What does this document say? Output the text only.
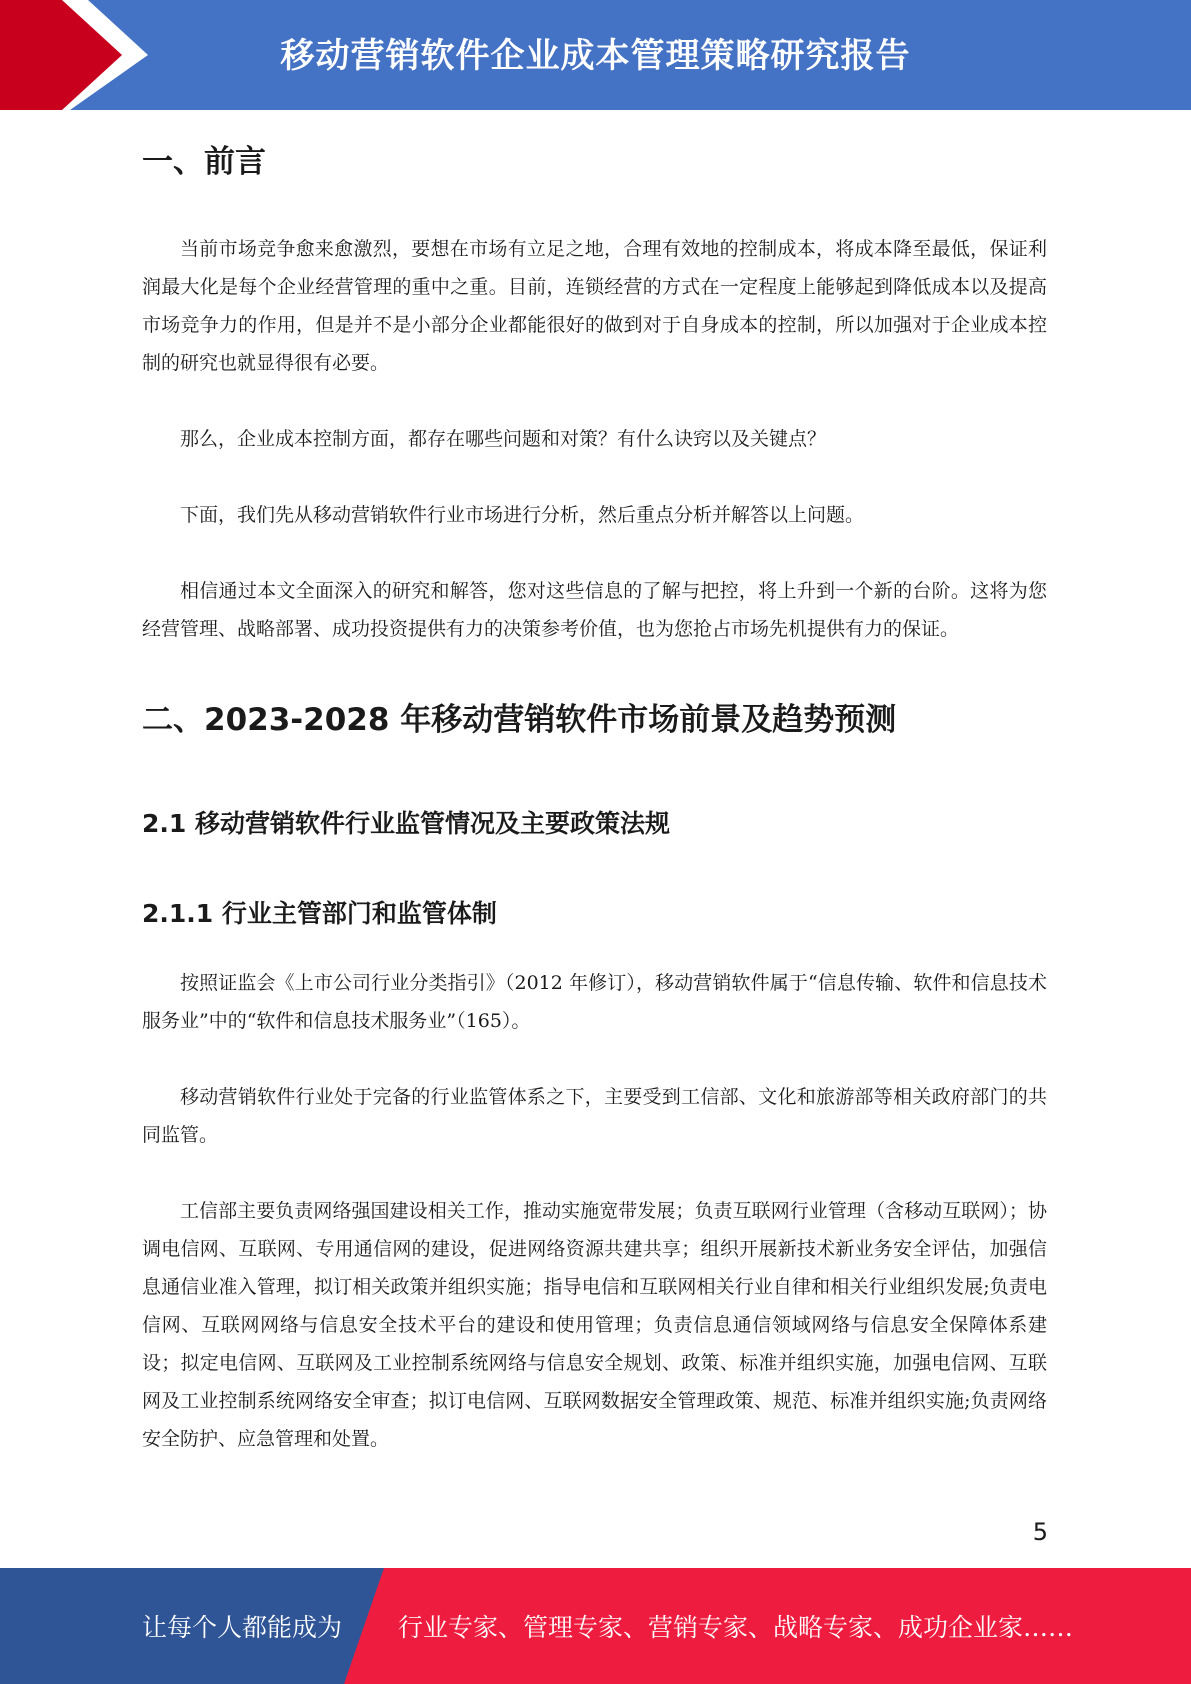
移动营销软件企业成本管理策略研究报告
一、前言

当前市场竞争愈来愈激烈，要想在市场有立足之地，合理有效地的控制成本，将成本降至最低，保证利润最大化是每个企业经营管理的重中之重。目前，连锁经营的方式在一定程度上能够起到降低成本以及提高市场竞争力的作用，但是并不是小部分企业都能很好的做到对于自身成本的控制，所以加强对于企业成本控制的研究也就显得很有必要。

那么，企业成本控制方面，都存在哪些问题和对策？有什么诀窍以及关键点？

下面，我们先从移动营销软件行业市场进行分析，然后重点分析并解答以上问题。

相信通过本文全面深入的研究和解答，您对这些信息的了解与把控，将上升到一个新的台阶。这将为您经营管理、战略部署、成功投资提供有力的决策参考价值，也为您抢占市场先机提供有力的保证。

二、2023-2028 年移动营销软件市场前景及趋势预测
2.1 移动营销软件行业监管情况及主要政策法规
2.1.1 行业主管部门和监管体制

按照证监会《上市公司行业分类指引》（2012 年修订），移动营销软件属于“信息传输、软件和信息技术服务业”中的“软件和信息技术服务业”（165）。

移动营销软件行业处于完备的行业监管体系之下，主要受到工信部、文化和旅游部等相关政府部门的共同监管。

工信部主要负责网络强国建设相关工作，推动实施宽带发展；负责互联网行业管理（含移动互联网）；协调电信网、互联网、专用通信网的建设，促进网络资源共建共享；组织开展新技术新业务安全评估，加强信息通信业准入管理，拟订相关政策并组织实施；指导电信和互联网相关行业自律和相关行业组织发展;负责电信网、互联网网络与信息安全技术平台的建设和使用管理；负责信息通信领域网络与信息安全保障体系建设；拟定电信网、互联网及工业控制系统网络与信息安全规划、政策、标准并组织实施，加强电信网、互联网及工业控制系统网络安全审查；拟订电信网、互联网数据安全管理政策、规范、标准并组织实施;负责网络安全防护、应急管理和处置。

5
让每个人都能成为 行业专家、管理专家、营销专家、战略专家、成功企业家……
